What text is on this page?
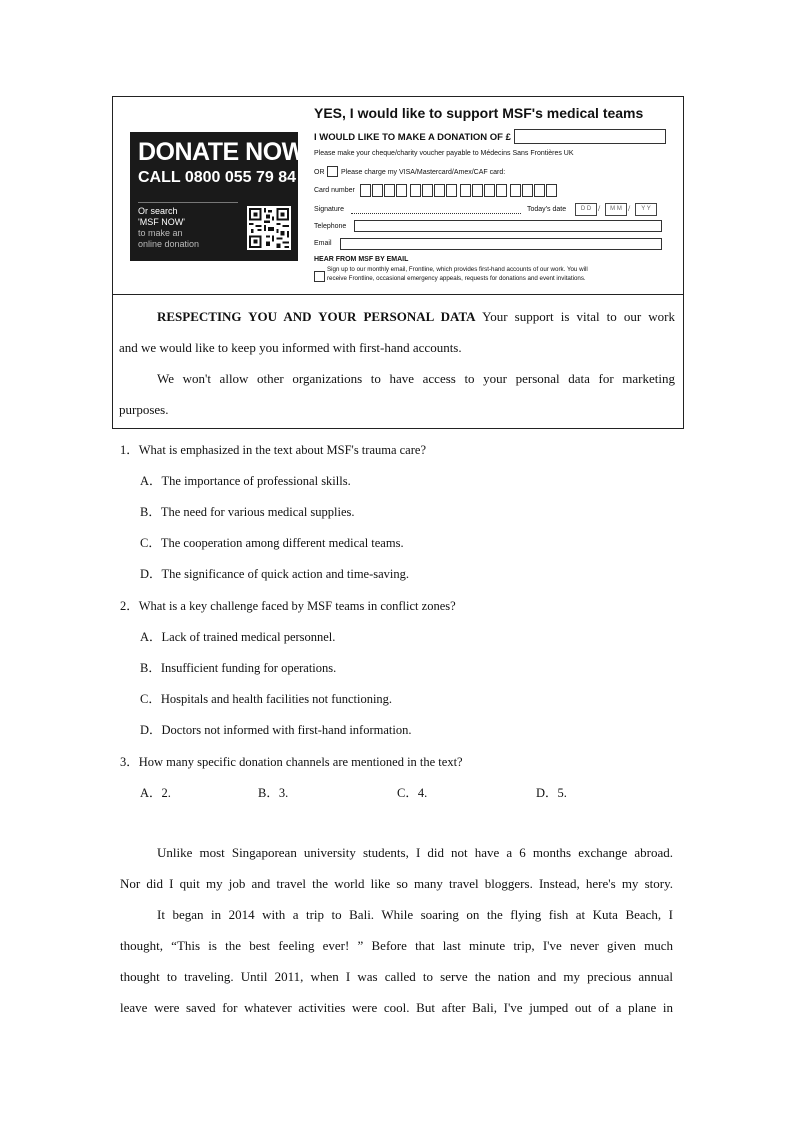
DONATE NOW
CALL 0800 055 79 84
Or search
'MSF NOW'
to make an
online donation
YES, I would like to support MSF's medical teams
I WOULD LIKE TO MAKE A DONATION OF £
Please make your cheque/charity voucher payable to Médecins Sans Frontières UK
OR Please charge my VISA/Mastercard/Amex/CAF card:
Card number
Signature	Today's date	D D /	M M /	Y Y
Telephone
Email
HEAR FROM MSF BY EMAIL
Sign up to our monthly email, Frontline, which provides first-hand accounts of our work. You will
receive Frontline, occasional emergency appeals, requests for donations and event invitations.
RESPECTING YOU AND YOUR PERSONAL DATA Your support is vital to our work
and we would like to keep you informed with first-hand accounts.
We won't allow other organizations to have access to your personal data for marketing
purposes.
1．What is emphasized in the text about MSF's trauma care?
A．The importance of professional skills.
B．The need for various medical supplies.
C．The cooperation among different medical teams.
D．The significance of quick action and time-saving.
2．What is a key challenge faced by MSF teams in conflict zones?
A．Lack of trained medical personnel.
B．Insufficient funding for operations.
C．Hospitals and health facilities not functioning.
D．Doctors not informed with first-hand information.
3．How many specific donation channels are mentioned in the text?
A．2.	B．3.	C．4.	D．5.
Unlike most Singaporean university students, I did not have a 6 months exchange abroad.
Nor did I quit my job and travel the world like so many travel bloggers. Instead, here's my story.
It began in 2014 with a trip to Bali. While soaring on the flying fish at Kuta Beach, I
thought, “This is the best feeling ever! ” Before that last minute trip, I've never given much
thought to traveling. Until 2011, when I was called to serve the nation and my precious annual
leave were saved for whatever activities were cool. But after Bali, I've jumped out of a plane in
